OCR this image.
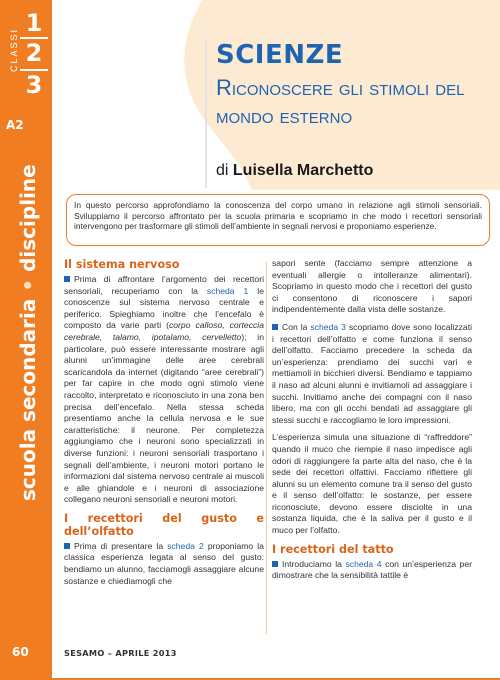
CLASSI
1
2
3
A2
scuola secondaria • discipline
60
SCIENZE
Riconoscere gli stimoli del mondo esterno
di Luisella Marchetto
In questo percorso approfondiamo la conoscenza del corpo umano in relazione agli stimoli sensoriali. Sviluppiamo il percorso affrontato per la scuola primaria e scopriamo in che modo i recettori sensoriali intervengono per trasformare gli stimoli dell’ambiente in segnali nervosi e proponiamo esperienze.
Il sistema nervoso

Prima di affrontare l’argomento dei recettori sensoriali, recuperiamo con la scheda 1 le conoscenze sul sistema nervoso centrale e periferico. Spieghiamo inoltre che l’encefalo è composto da varie parti (corpo calloso, corteccia cerebrale, talamo, ipotalamo, cervelletto); in particolare, può essere interessante mostrare agli alunni un’immagine delle aree cerebrali scaricandola da internet (digitando “aree cerebrali”) per far capire in che modo ogni stimolo viene raccolto, interpretato e riconosciuto in una zona ben precisa dell’encefalo. Nella stessa scheda presentiamo anche la cellula nervosa e le sue caratteristiche: il neurone. Per completezza aggiungiamo che i neuroni sono specializzati in diverse funzioni: i neuroni sensoriali trasportano i segnali dell’ambiente, i neuroni motori portano le informazioni dal sistema nervoso centrale ai muscoli e alle ghiandole e i neuroni di associazione collegano neuroni sensoriali e neuroni motori.

I recettori del gusto e dell’olfatto

Prima di presentare la scheda 2 proponiamo la classica esperienza legata al senso del gusto: bendiamo un alunno, facciamogli assaggiare alcune sostanze e chiediamogli che

sapori sente (facciamo sempre attenzione a eventuali allergie o intolleranze alimentari). Scopriamo in questo modo che i recettori del gusto ci consentono di riconoscere i sapori indipendentemente dalla vista delle sostanze.

Con la scheda 3 scopriamo dove sono localizzati i recettori dell’olfatto e come funziona il senso dell’olfatto. Facciamo precedere la scheda da un’esperienza: prendiamo dei succhi vari e mettiamoli in bicchieri diversi. Bendiamo e tappiamo il naso ad alcuni alunni e invitiamoli ad assaggiare i succhi. Invitiamo anche dei compagni con il naso libero, ma con gli occhi bendati ad assaggiare gli stessi succhi e raccogliamo le loro impressioni.

L’esperienza simula una situazione di “raffreddore” quando il muco che riempie il naso impedisce agli odori di raggiungere la parte alta del naso, che è la sede dei recettori olfattivi. Facciamo riflettere gli alunni su un elemento comune tra il senso del gusto e il senso dell’olfatto: le sostanze, per essere riconosciute, devono essere disciolte in una sostanza liquida, che è la saliva per il gusto e il muco per l’olfatto.

I recettori del tatto

Introduciamo la scheda 4 con un’esperienza per dimostrare che la sensibilità tattile è

SESAMO – APRILE 2013
